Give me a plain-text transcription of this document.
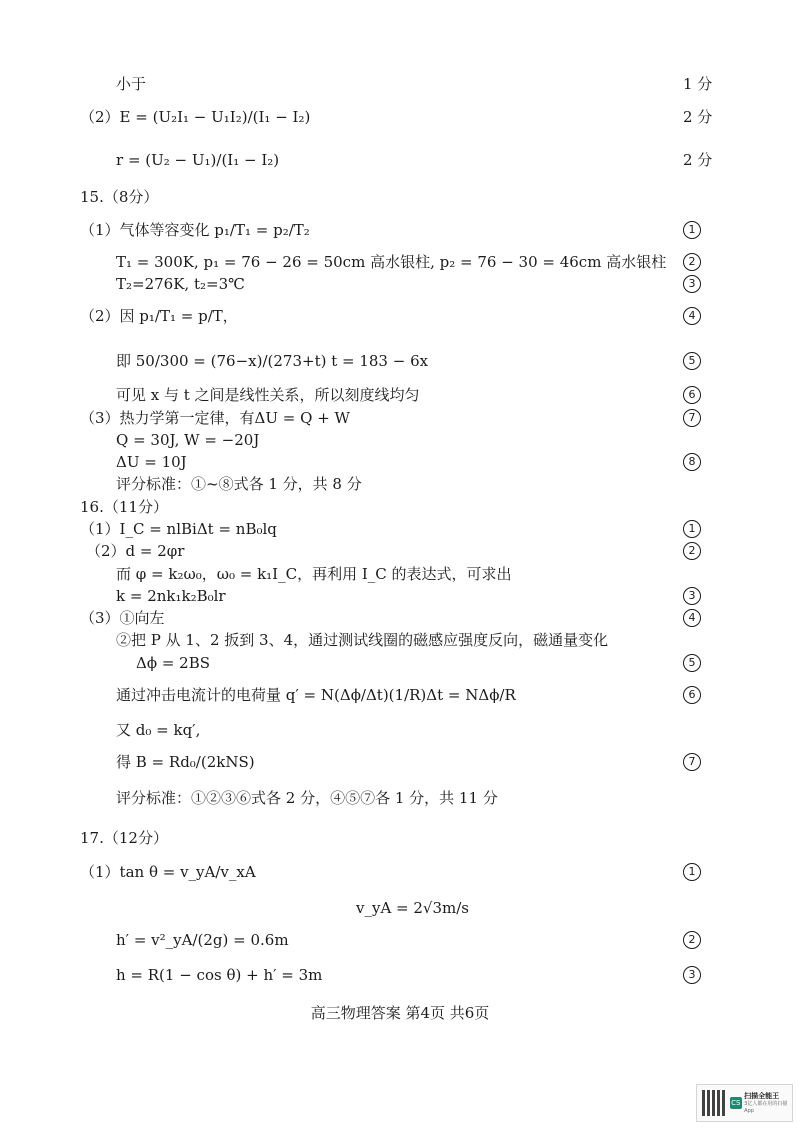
小于
（2）E = (U₂I₁ − U₁I₂)/(I₁ − I₂)
r = (U₂ − U₁)/(I₁ − I₂)
15.（8分）
（1）气体等容变化 p₁/T₁ = p₂/T₂
T₁ = 300K, p₁ = 76 − 26 = 50cm 高水银柱, p₂ = 76 − 30 = 46cm 高水银柱
T₂=276K, t₂=3℃
（2）因 p₁/T₁ = p/T，
即 50/300 = (76−x)/(273+t) t = 183 − 6x
可见 x 与 t 之间是线性关系，所以刻度线均匀
（3）热力学第一定律，有ΔU = Q + W
Q = 30J, W = −20J
ΔU = 10J
评分标准：①~⑧式各 1 分，共 8 分
16.（11分）
（1）I_C = nlBiΔt = nB₀lq
（2）d = 2φr
而 φ = k₂ω₀，ω₀ = k₁I_C，再利用 I_C 的表达式，可求出
k = 2nk₁k₂B₀lr
（3）①向左
②把 P 从 1、2 扳到 3、4，通过测试线圈的磁感应强度反向，磁通量变化
Δϕ = 2BS
通过冲击电流计的电荷量 q′ = N(Δϕ/Δt)(1/R)Δt = NΔϕ/R
又 d₀ = kq′,
得 B = Rd₀/(2kNS)
评分标准：①②③⑥式各 2 分，④⑤⑦各 1 分，共 11 分
17.（12分）
（1）tan θ = v_yA/v_xA
v_yA = 2√3m/s
h′ = v²_yA/(2g) = 0.6m
h = R(1 − cos θ) + h′ = 3m
1 分
2 分
2 分
1
2
3
4
5
6
7
8
1
2
3
4
5
6
7
1
2
3
高三物理答案 第4页 共6页
CS
扫描全能王
3亿人都在用的扫描App
